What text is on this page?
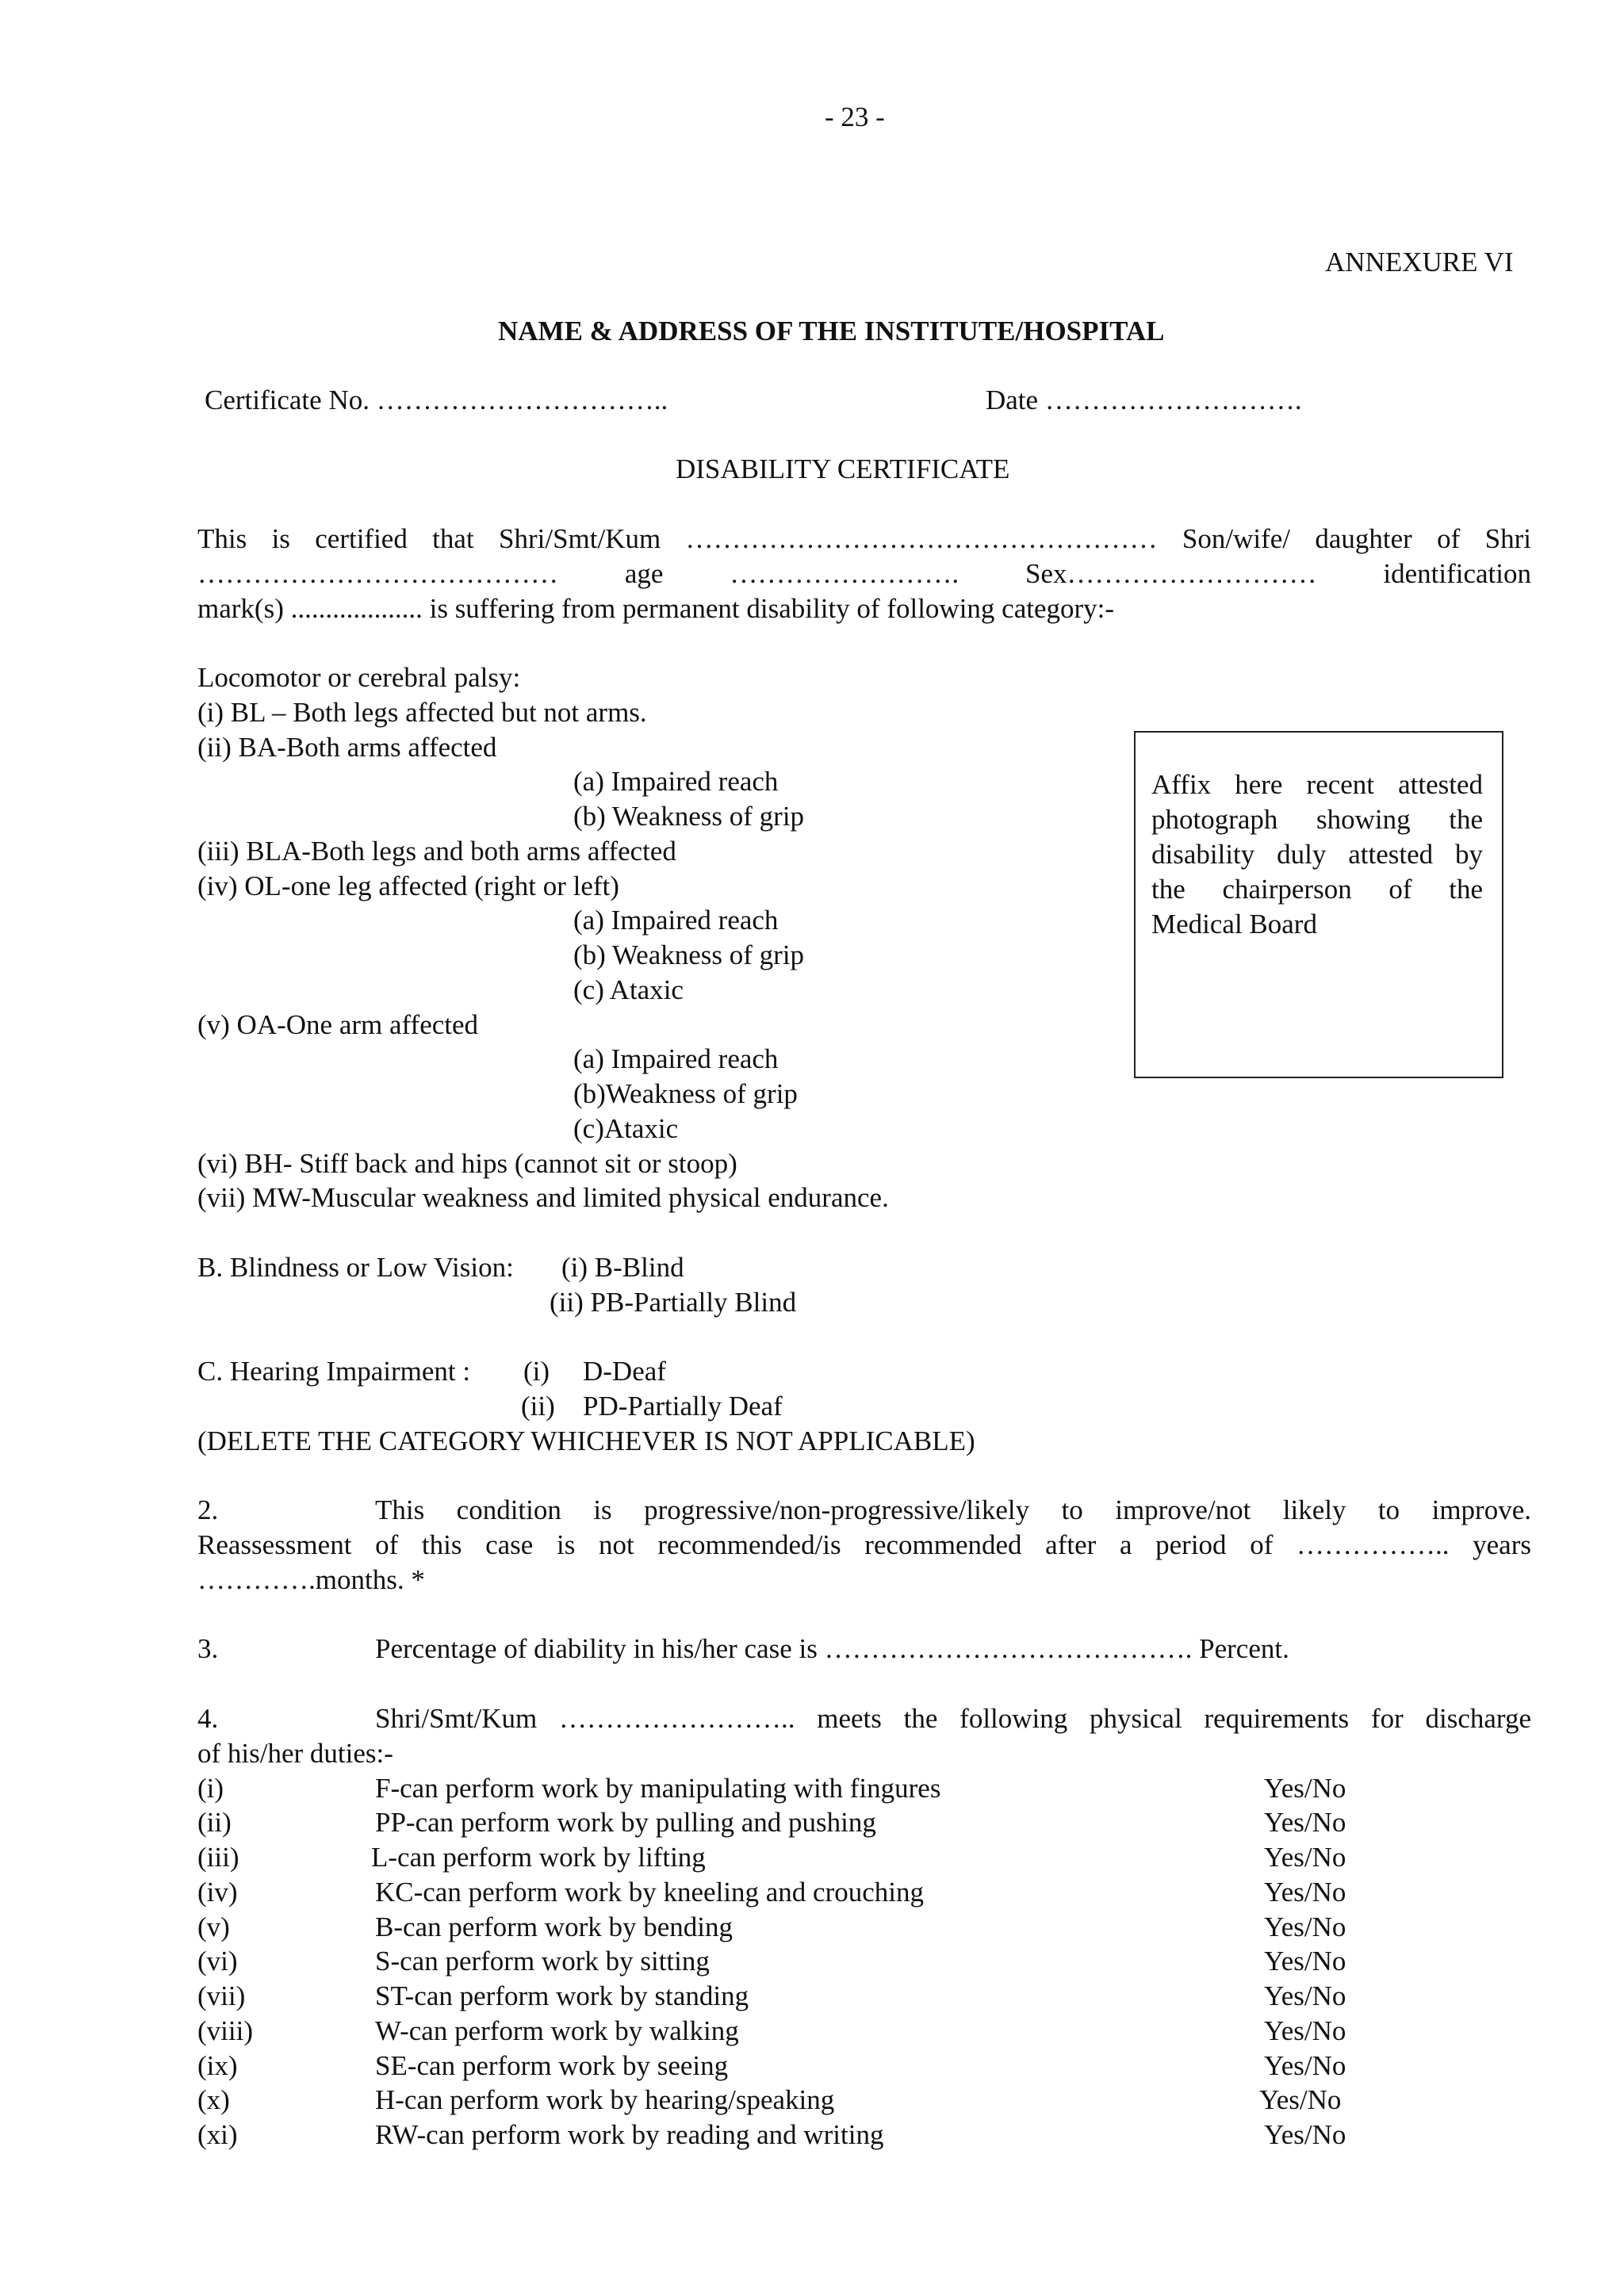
- 23 -
ANNEXURE VI
NAME & ADDRESS OF THE INSTITUTE/HOSPITAL
Certificate No. …………………………..	Date ……………………….
DISABILITY CERTIFICATE
This is certified that Shri/Smt/Kum …………………………………………… Son/wife/ daughter of Shri
………………………………… age ……………………. Sex……………………… identification
mark(s) ................... is suffering from permanent disability of following category:-
Locomotor or cerebral palsy:
(i) BL – Both legs affected but not arms.
(ii) BA-Both arms affected
(a) Impaired reach
(b) Weakness of grip
(iii) BLA-Both legs and both arms affected
(iv) OL-one leg affected (right or left)
(a) Impaired reach
(b) Weakness of grip
(c) Ataxic
(v) OA-One arm affected
(a) Impaired reach
(b)Weakness of grip
(c)Ataxic
(vi) BH- Stiff back and hips (cannot sit or stoop)
(vii) MW-Muscular weakness and limited physical endurance.
Affix here recent attested
photograph showing the
disability duly attested by
the chairperson of the
Medical Board
B. Blindness or Low Vision: (i) B-Blind
(ii) PB-Partially Blind
C. Hearing Impairment : (i) D-Deaf
(ii) PD-Partially Deaf
(DELETE THE CATEGORY WHICHEVER IS NOT APPLICABLE)
2.	This condition is progressive/non-progressive/likely to improve/not likely to improve.
Reassessment of this case is not recommended/is recommended after a period of …………….. years
………….months. *
3.	Percentage of diability in his/her case is …………………………………. Percent.
4.	Shri/Smt/Kum …………………….. meets the following physical requirements for discharge
of his/her duties:-
(i)	F-can perform work by manipulating with fingures	Yes/No
(ii)	PP-can perform work by pulling and pushing	Yes/No
(iii)	L-can perform work by lifting	Yes/No
(iv)	KC-can perform work by kneeling and crouching	Yes/No
(v)	B-can perform work by bending	Yes/No
(vi)	S-can perform work by sitting	Yes/No
(vii)	ST-can perform work by standing	Yes/No
(viii)	W-can perform work by walking	Yes/No
(ix)	SE-can perform work by seeing	Yes/No
(x)	H-can perform work by hearing/speaking	Yes/No
(xi)	RW-can perform work by reading and writing	Yes/No
